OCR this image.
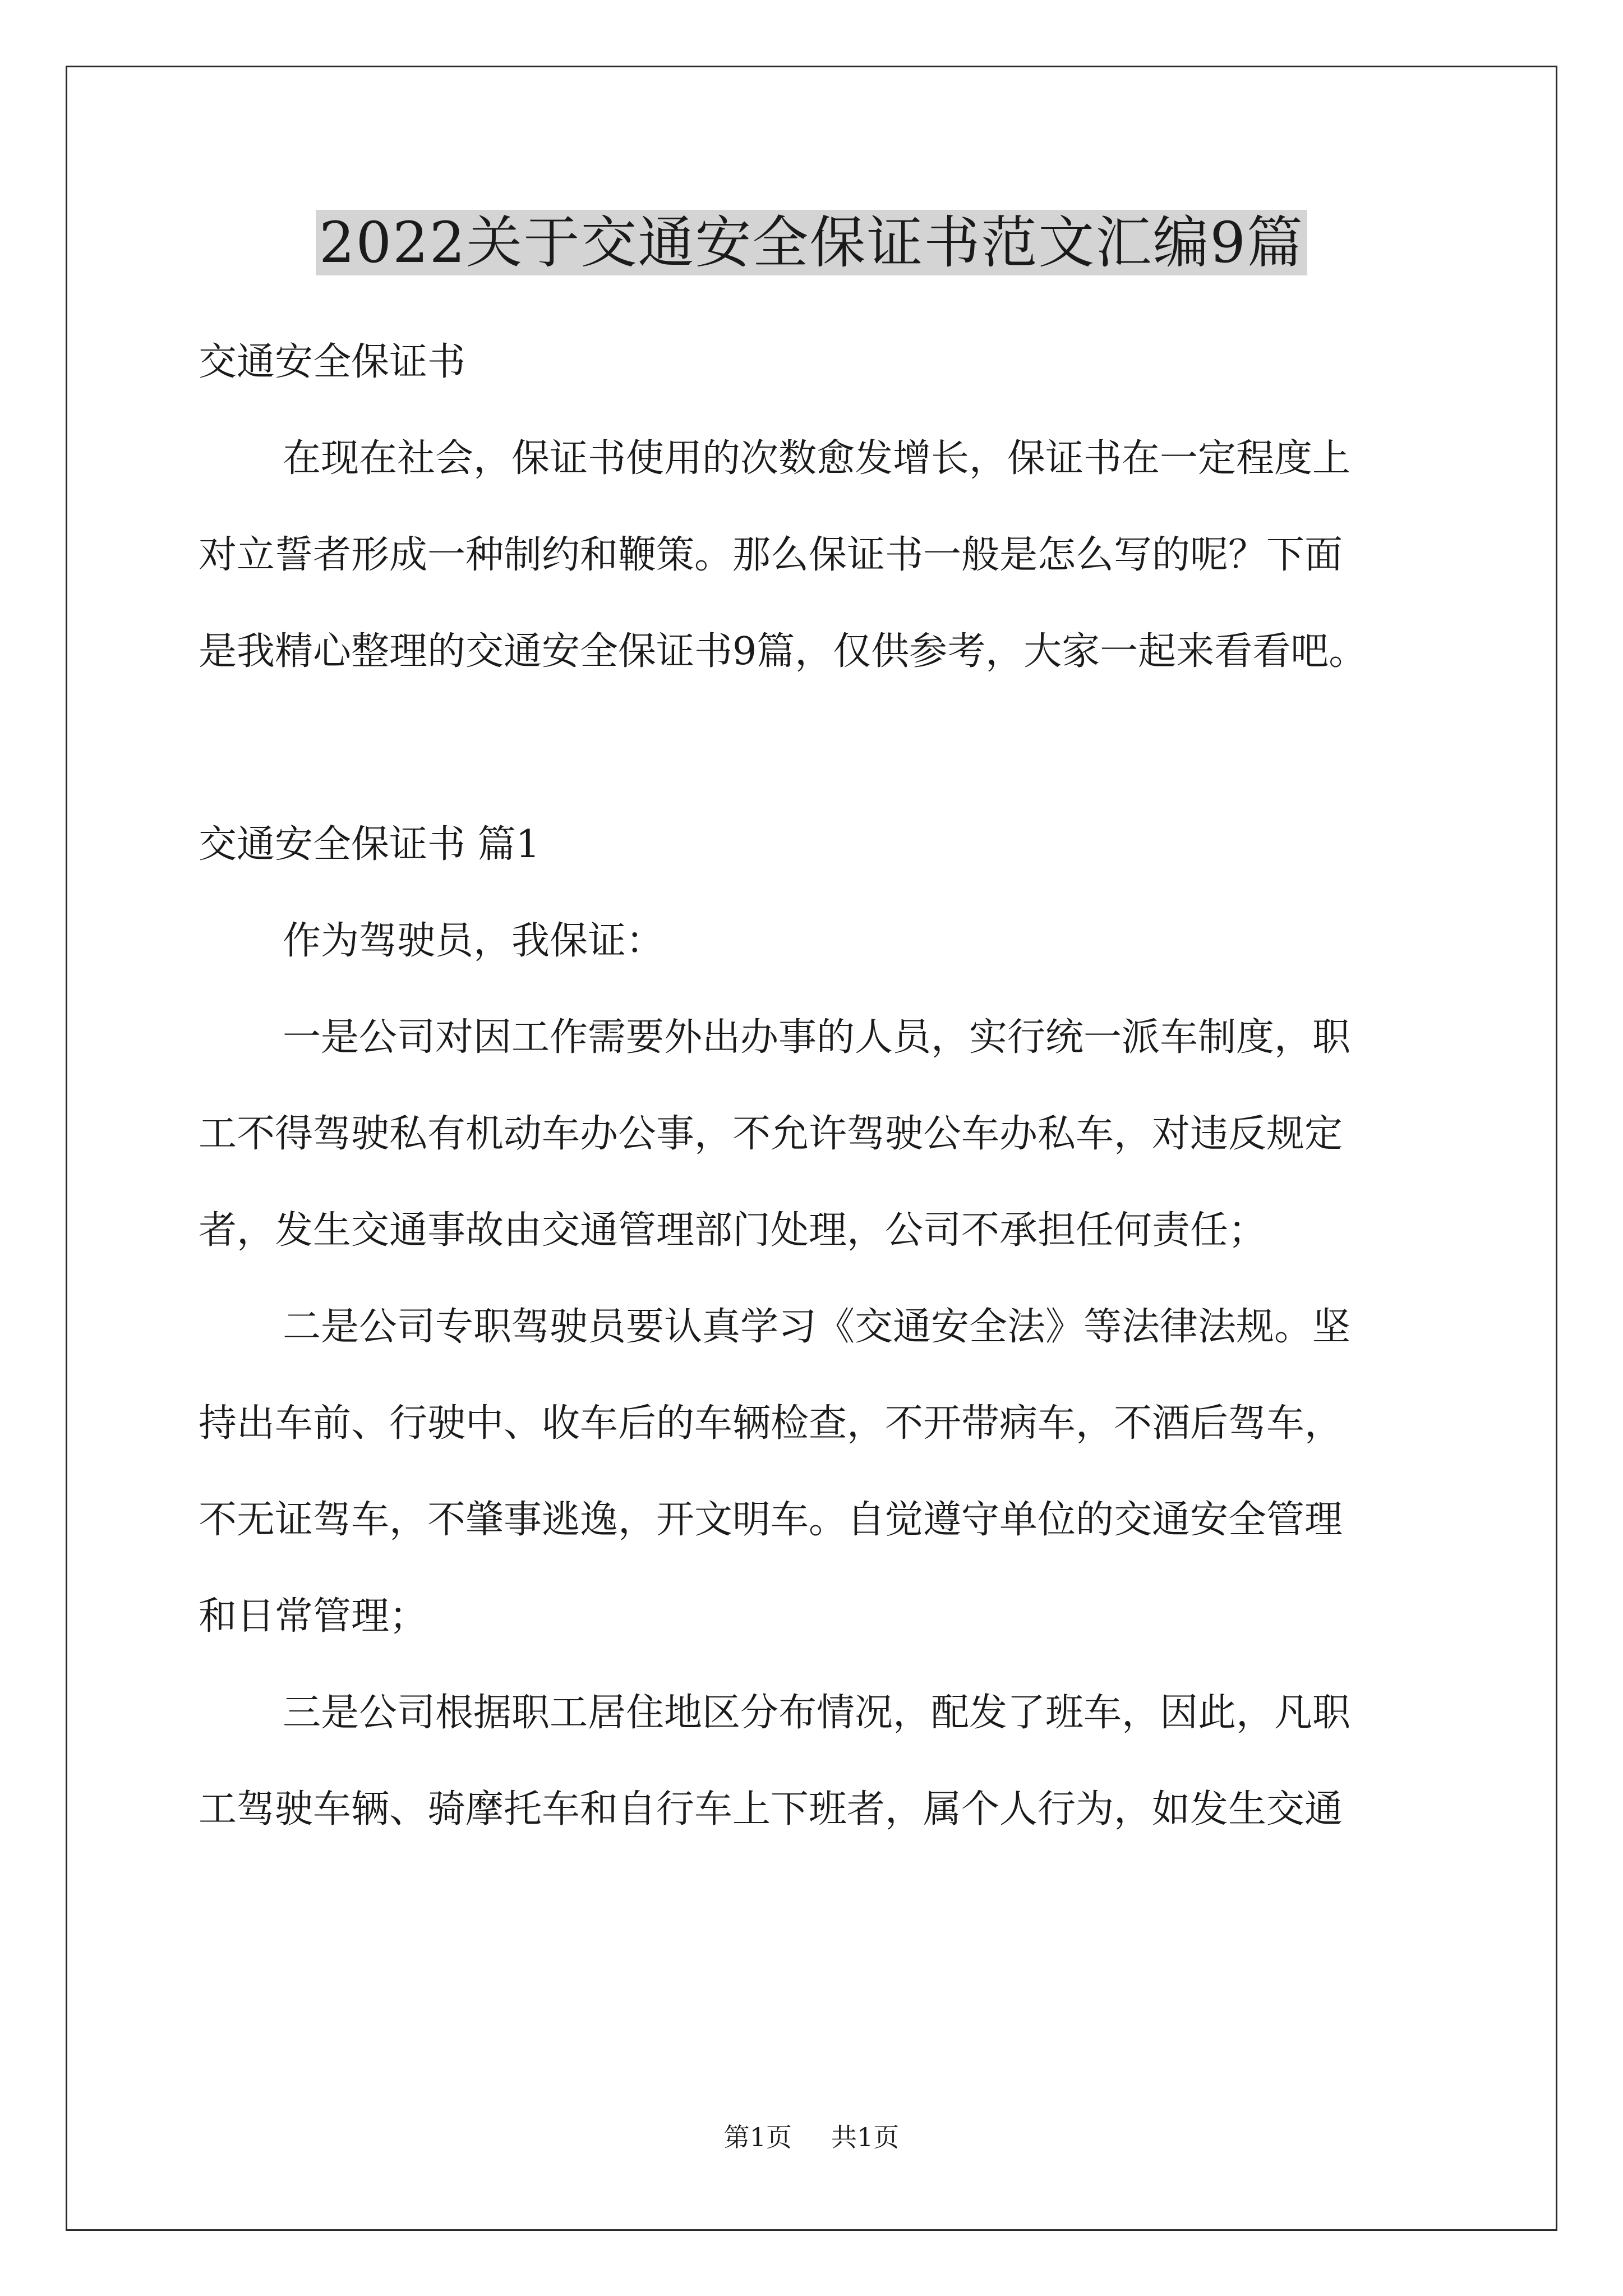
2022关于交通安全保证书范文汇编9篇

交通安全保证书

在现在社会，保证书使用的次数愈发增长，保证书在一定程度上

对立誓者形成一种制约和鞭策。那么保证书一般是怎么写的呢？下面

是我精心整理的交通安全保证书9篇，仅供参考，大家一起来看看吧。

交通安全保证书 篇1

作为驾驶员，我保证：

一是公司对因工作需要外出办事的人员，实行统一派车制度，职

工不得驾驶私有机动车办公事，不允许驾驶公车办私车，对违反规定

者，发生交通事故由交通管理部门处理，公司不承担任何责任；

二是公司专职驾驶员要认真学习《交通安全法》等法律法规。坚

持出车前、行驶中、收车后的车辆检查，不开带病车，不酒后驾车，

不无证驾车，不肇事逃逸，开文明车。自觉遵守单位的交通安全管理

和日常管理；

三是公司根据职工居住地区分布情况，配发了班车，因此，凡职

工驾驶车辆、骑摩托车和自行车上下班者，属个人行为，如发生交通

第1页 共1页
